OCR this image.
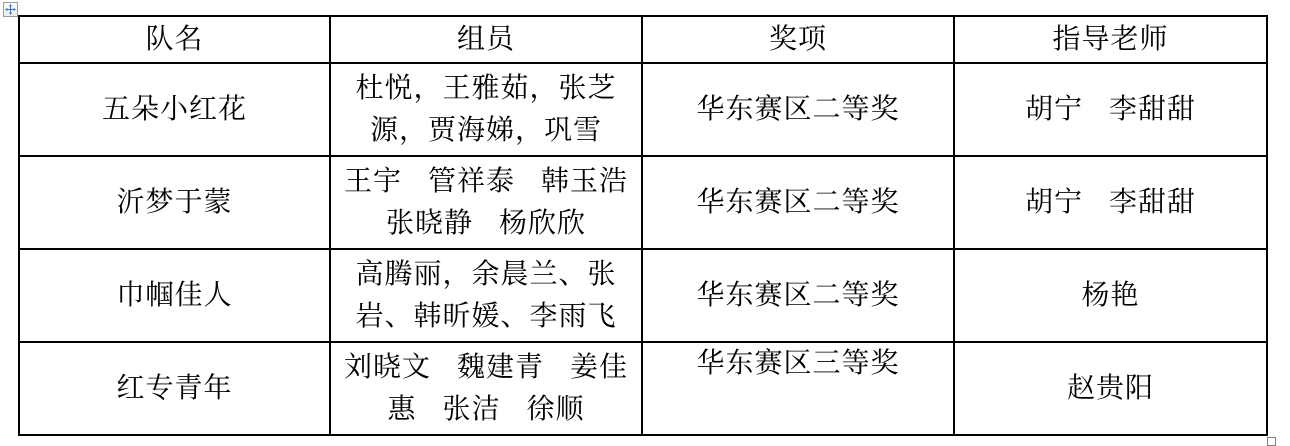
队名	组员	奖项	指导老师
五朵小红花	杜悦，王雅茹，张芝源，贾海娣，巩雪	华东赛区二等奖	胡宁 李甜甜
沂梦于蒙	王宇 管祥泰 韩玉浩 张晓静 杨欣欣	华东赛区二等奖	胡宁 李甜甜
巾帼佳人	高腾丽，余晨兰、张岩、韩昕媛、李雨飞	华东赛区二等奖	杨艳
红专青年	刘晓文 魏建青 姜佳惠 张洁 徐顺	华东赛区三等奖	赵贵阳
